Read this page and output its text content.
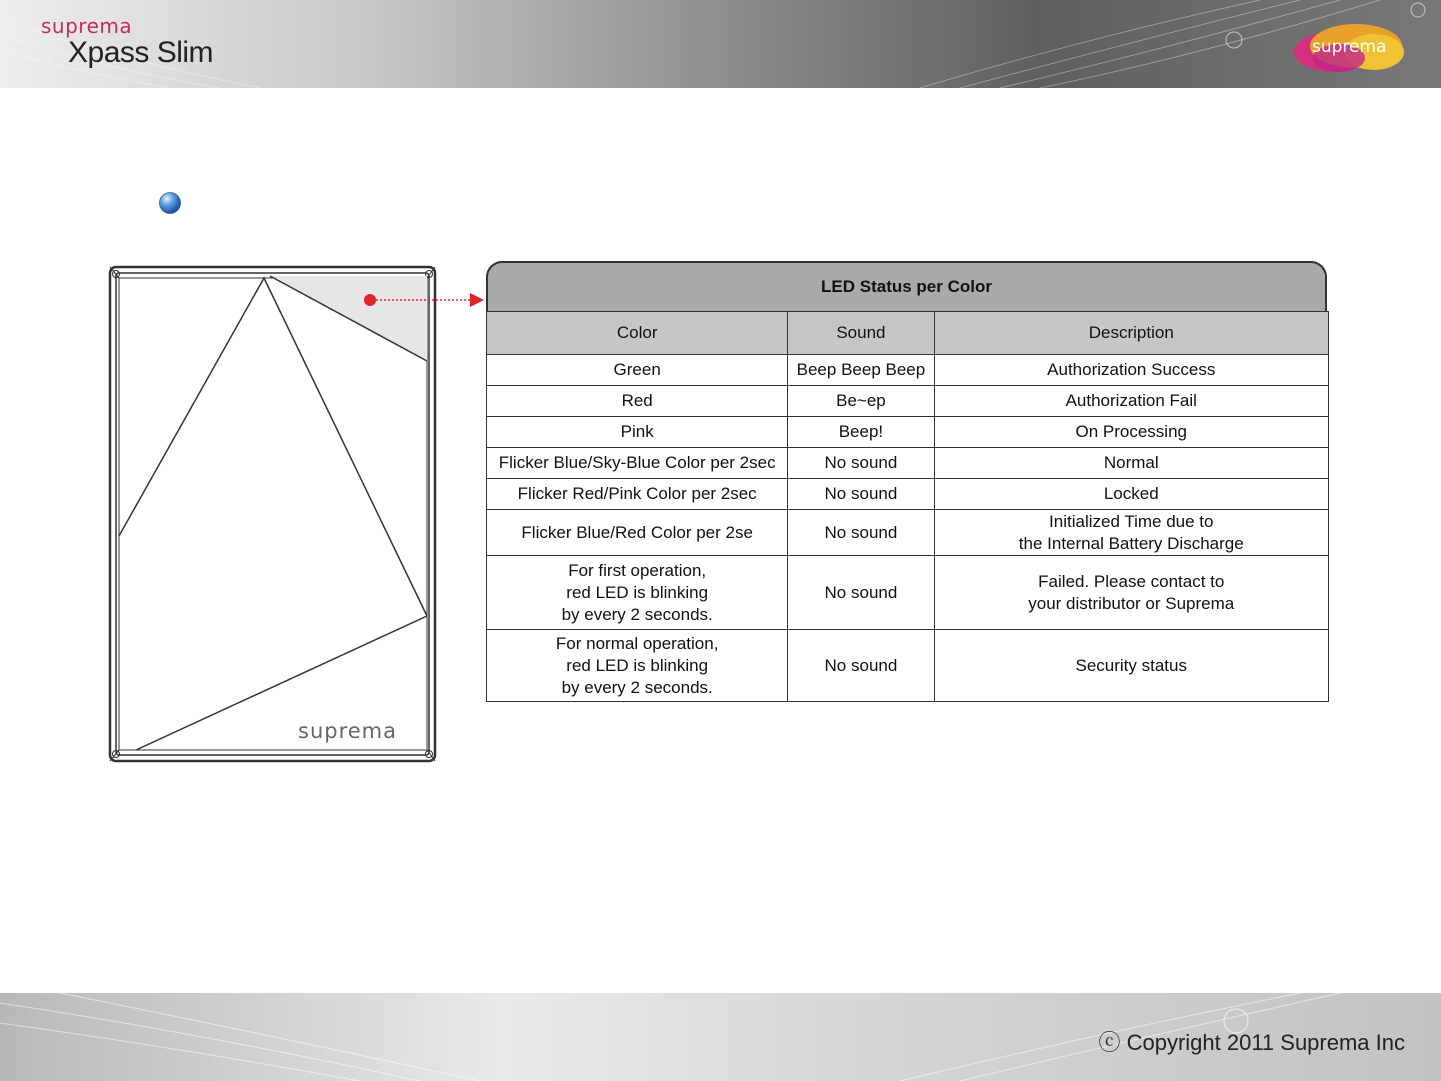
suprema
Xpass Slim	suprema
suprema
LED Status per Color
Color	Sound	Description
Green	Beep Beep Beep	Authorization Success
Red	Be~ep	Authorization Fail
Pink	Beep!	On Processing
Flicker Blue/Sky-Blue Color per 2sec	No sound	Normal
Flicker Red/Pink Color per 2sec	No sound	Locked
Flicker Blue/Red Color per 2se	No sound	Initialized Time due to
the Internal Battery Discharge
For first operation,
red LED is blinking
by every 2 seconds.	No sound	Failed. Please contact to
your distributor or Suprema
For normal operation,
red LED is blinking
by every 2 seconds.	No sound	Security status
ⓒ Copyright 2011 Suprema Inc
